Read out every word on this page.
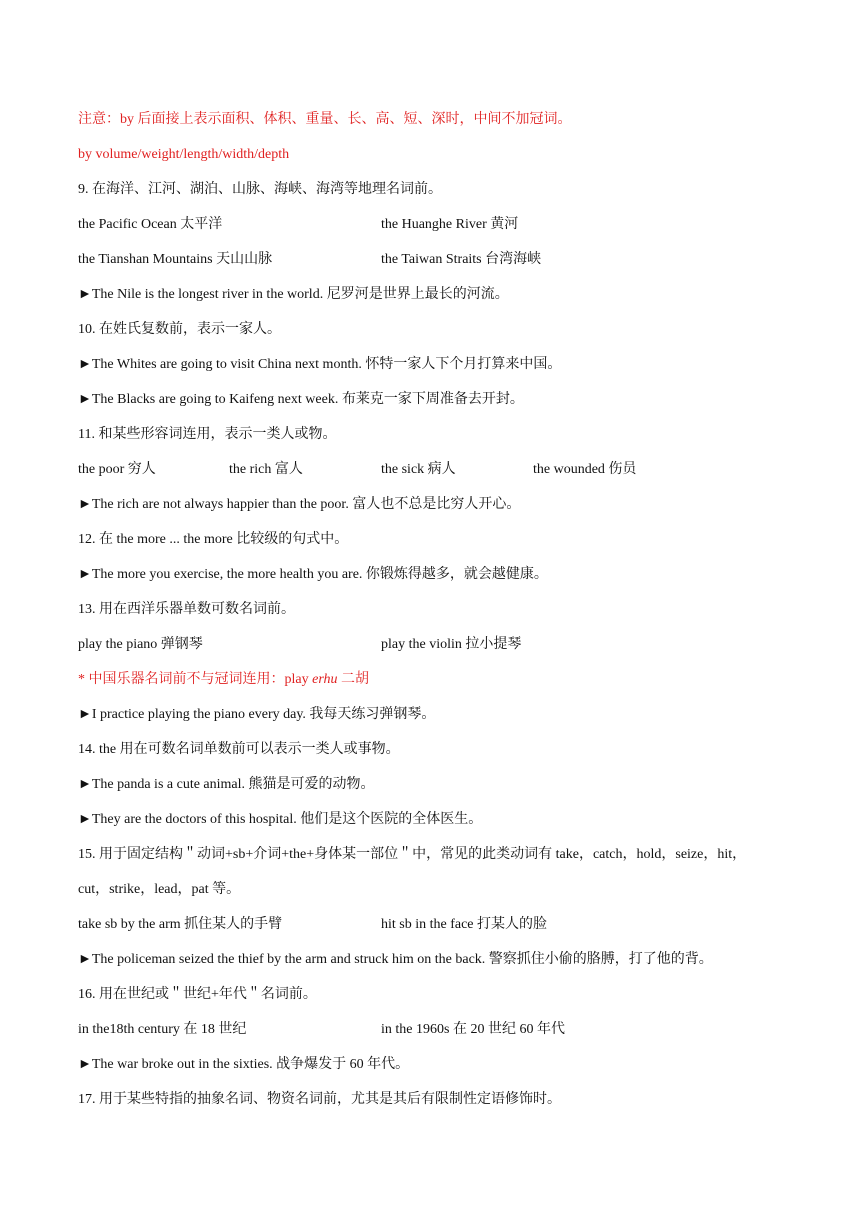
注意：by 后面接上表示面积、体积、重量、长、高、短、深时，中间不加冠词。
by volume/weight/length/width/depth
9. 在海洋、江河、湖泊、山脉、海峡、海湾等地理名词前。
the Pacific Ocean 太平洋	the Huanghe River 黄河
the Tianshan Mountains 天山山脉	the Taiwan Straits 台湾海峡
►The Nile is the longest river in the world. 尼罗河是世界上最长的河流。
10. 在姓氏复数前，表示一家人。
►The Whites are going to visit China next month. 怀特一家人下个月打算来中国。
►The Blacks are going to Kaifeng next week. 布莱克一家下周准备去开封。
11. 和某些形容词连用，表示一类人或物。
the poor 穷人	the rich 富人	the sick 病人	the wounded 伤员
►The rich are not always happier than the poor. 富人也不总是比穷人开心。
12. 在 the more ... the more 比较级的句式中。
►The more you exercise, the more health you are. 你锻炼得越多，就会越健康。
13. 用在西洋乐器单数可数名词前。
play the piano 弹钢琴	play the violin 拉小提琴
* 中国乐器名词前不与冠词连用：play erhu 二胡
►I practice playing the piano every day. 我每天练习弹钢琴。
14. the 用在可数名词单数前可以表示一类人或事物。
►The panda is a cute animal. 熊猫是可爱的动物。
►They are the doctors of this hospital. 他们是这个医院的全体医生。
15. 用于固定结构＂动词+sb+介词+the+身体某一部位＂中，常见的此类动词有 take，catch，hold，seize，hit，
cut，strike，lead，pat 等。
take sb by the arm 抓住某人的手臂	hit sb in the face 打某人的脸
►The policeman seized the thief by the arm and struck him on the back. 警察抓住小偷的胳膊，打了他的背。
16. 用在世纪或＂世纪+年代＂名词前。
in the18th century 在 18 世纪	in the 1960s 在 20 世纪 60 年代
►The war broke out in the sixties. 战争爆发于 60 年代。
17. 用于某些特指的抽象名词、物资名词前，尤其是其后有限制性定语修饰时。
